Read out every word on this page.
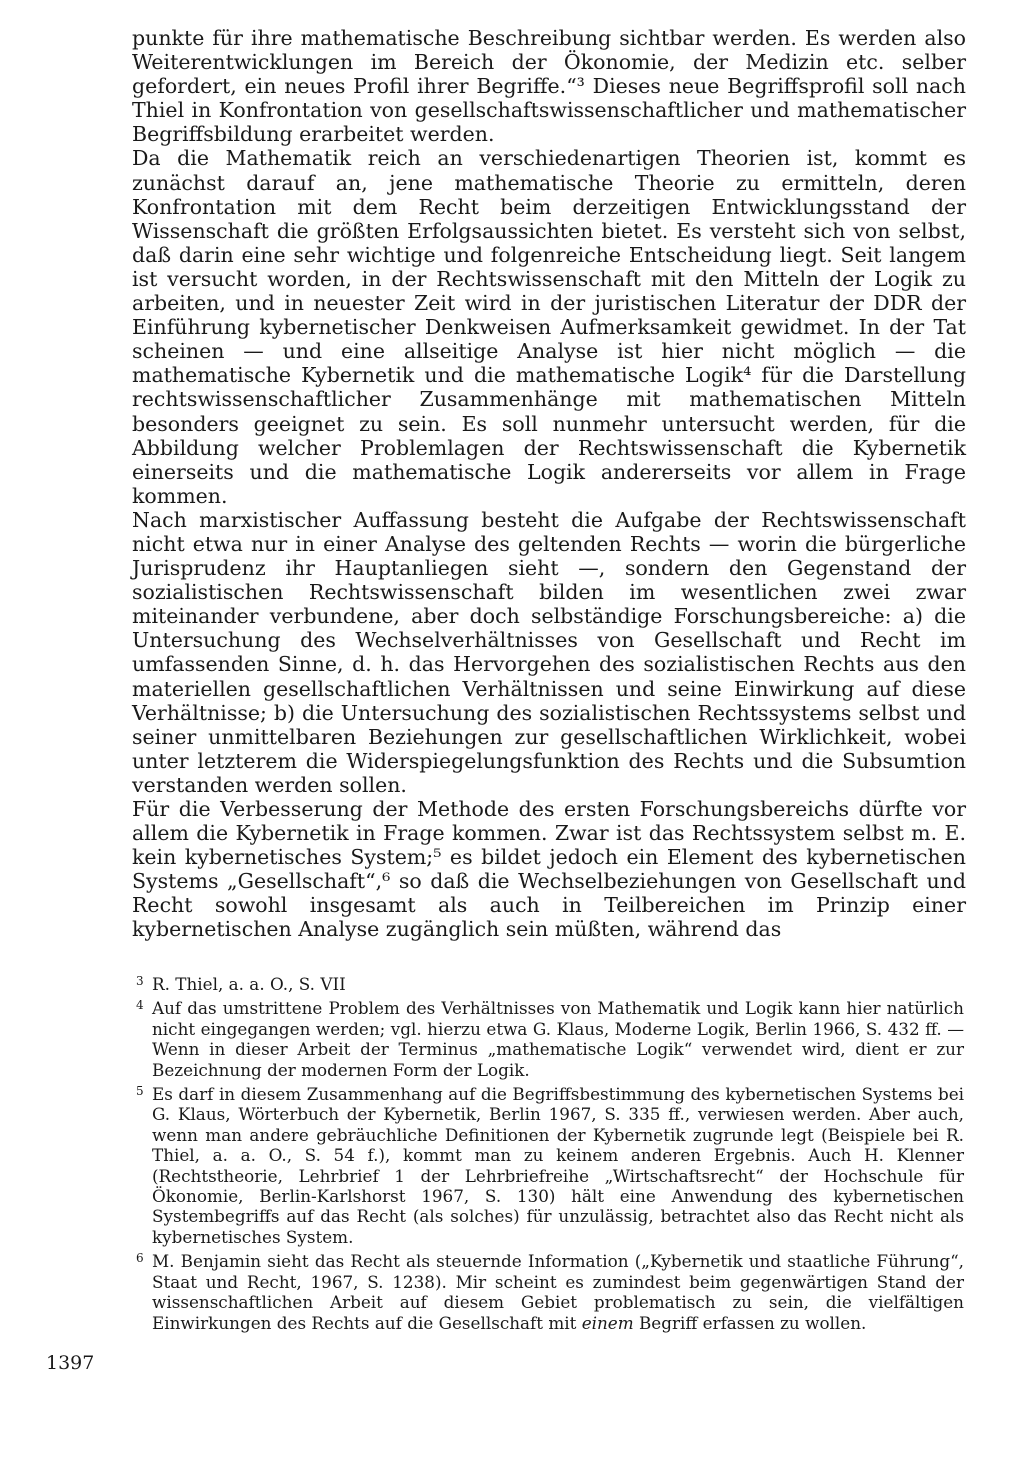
punkte für ihre mathematische Beschreibung sichtbar werden. Es werden also Weiterentwicklungen im Bereich der Ökonomie, der Medizin etc. selber gefordert, ein neues Profil ihrer Begriffe.“³ Dieses neue Begriffsprofil soll nach Thiel in Konfrontation von gesellschaftswissenschaftlicher und mathematischer Begriffsbildung erarbeitet werden.

Da die Mathematik reich an verschiedenartigen Theorien ist, kommt es zunächst darauf an, jene mathematische Theorie zu ermitteln, deren Konfrontation mit dem Recht beim derzeitigen Entwicklungsstand der Wissenschaft die größten Erfolgsaussichten bietet. Es versteht sich von selbst, daß darin eine sehr wichtige und folgenreiche Entscheidung liegt. Seit langem ist versucht worden, in der Rechtswissenschaft mit den Mitteln der Logik zu arbeiten, und in neuester Zeit wird in der juristischen Literatur der DDR der Einführung kybernetischer Denkweisen Aufmerksamkeit gewidmet. In der Tat scheinen — und eine allseitige Analyse ist hier nicht möglich — die mathematische Kybernetik und die mathematische Logik⁴ für die Darstellung rechtswissenschaftlicher Zusammenhänge mit mathematischen Mitteln besonders geeignet zu sein. Es soll nunmehr untersucht werden, für die Abbildung welcher Problemlagen der Rechtswissenschaft die Kybernetik einerseits und die mathematische Logik andererseits vor allem in Frage kommen.

Nach marxistischer Auffassung besteht die Aufgabe der Rechtswissenschaft nicht etwa nur in einer Analyse des geltenden Rechts — worin die bürgerliche Jurisprudenz ihr Hauptanliegen sieht —, sondern den Gegenstand der sozialistischen Rechtswissenschaft bilden im wesentlichen zwei zwar miteinander verbundene, aber doch selbständige Forschungsbereiche: a) die Untersuchung des Wechselverhältnisses von Gesellschaft und Recht im umfassenden Sinne, d. h. das Hervorgehen des sozialistischen Rechts aus den materiellen gesellschaftlichen Verhältnissen und seine Einwirkung auf diese Verhältnisse; b) die Untersuchung des sozialistischen Rechtssystems selbst und seiner unmittelbaren Beziehungen zur gesellschaftlichen Wirklichkeit, wobei unter letzterem die Widerspiegelungsfunktion des Rechts und die Subsumtion verstanden werden sollen.

Für die Verbesserung der Methode des ersten Forschungsbereichs dürfte vor allem die Kybernetik in Frage kommen. Zwar ist das Rechtssystem selbst m. E. kein kybernetisches System;⁵ es bildet jedoch ein Element des kybernetischen Systems „Gesellschaft“,⁶ so daß die Wechselbeziehungen von Gesellschaft und Recht sowohl insgesamt als auch in Teilbereichen im Prinzip einer kybernetischen Analyse zugänglich sein müßten, während das

3 R. Thiel, a. a. O., S. VII
4 Auf das umstrittene Problem des Verhältnisses von Mathematik und Logik kann hier natürlich nicht eingegangen werden; vgl. hierzu etwa G. Klaus, Moderne Logik, Berlin 1966, S. 432 ff. — Wenn in dieser Arbeit der Terminus „mathematische Logik“ verwendet wird, dient er zur Bezeichnung der modernen Form der Logik.
5 Es darf in diesem Zusammenhang auf die Begriffsbestimmung des kybernetischen Systems bei G. Klaus, Wörterbuch der Kybernetik, Berlin 1967, S. 335 ff., verwiesen werden. Aber auch, wenn man andere gebräuchliche Definitionen der Kybernetik zugrunde legt (Beispiele bei R. Thiel, a. a. O., S. 54 f.), kommt man zu keinem anderen Ergebnis. Auch H. Klenner (Rechtstheorie, Lehrbrief 1 der Lehrbriefreihe „Wirtschaftsrecht“ der Hochschule für Ökonomie, Berlin-Karlshorst 1967, S. 130) hält eine Anwendung des kybernetischen Systembegriffs auf das Recht (als solches) für unzulässig, betrachtet also das Recht nicht als kybernetisches System.
6 M. Benjamin sieht das Recht als steuernde Information („Kybernetik und staatliche Führung“, Staat und Recht, 1967, S. 1238). Mir scheint es zumindest beim gegenwärtigen Stand der wissenschaftlichen Arbeit auf diesem Gebiet problematisch zu sein, die vielfältigen Einwirkungen des Rechts auf die Gesellschaft mit einem Begriff erfassen zu wollen.
1397
